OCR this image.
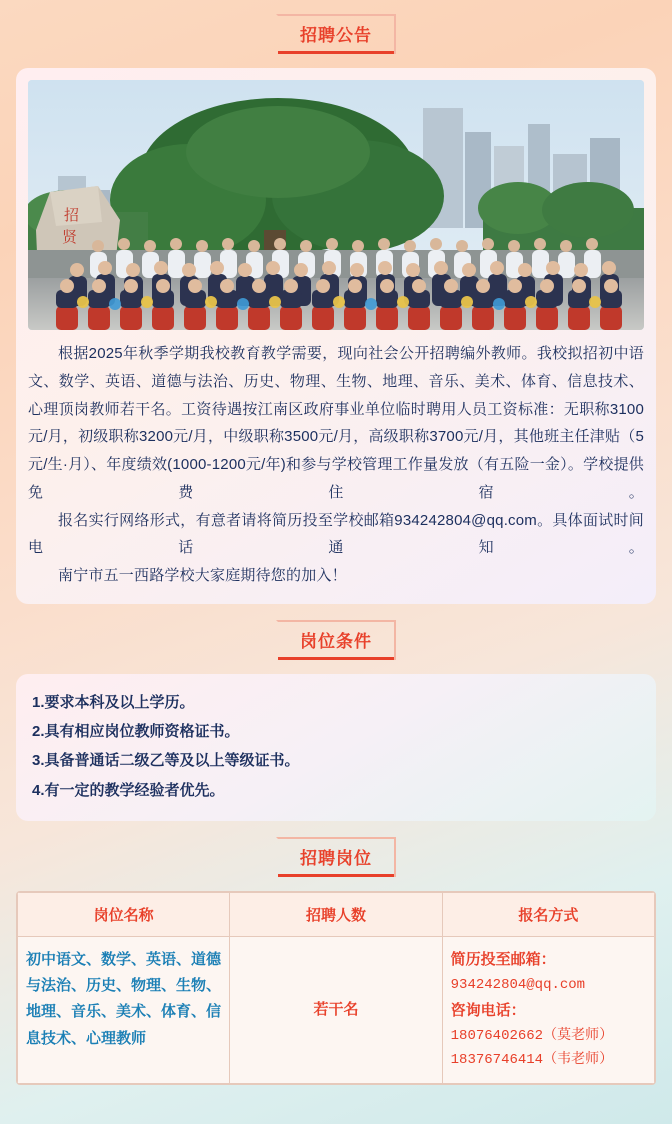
招聘公告
招
贤

根据2025年秋季学期我校教育教学需要，现向社会公开招聘编外教师。我校拟招初中语文、数学、英语、道德与法治、历史、物理、生物、地理、音乐、美术、体育、信息技术、心理顶岗教师若干名。工资待遇按江南区政府事业单位临时聘用人员工资标准：无职称3100元/月，初级职称3200元/月，中级职称3500元/月，高级职称3700元/月，其他班主任津贴（5元/生·月）、年度绩效(1000-1200元/年)和参与学校管理工作量发放（有五险一金）。学校提供免费住宿。

报名实行网络形式，有意者请将简历投至学校邮箱934242804@qq.com。具体面试时间电话通知。

南宁市五一西路学校大家庭期待您的加入！

岗位条件
1.要求本科及以上学历。
2.具有相应岗位教师资格证书。
3.具备普通话二级乙等及以上等级证书。
4.有一定的教学经验者优先。
招聘岗位
岗位名称	招聘人数	报名方式
初中语文、数学、英语、道德与法治、历史、物理、生物、地理、音乐、美术、体育、信息技术、心理教师	若干名	简历投至邮箱：
934242804@qq.com
咨询电话：
18076402662（莫老师）
18376746414（韦老师）
